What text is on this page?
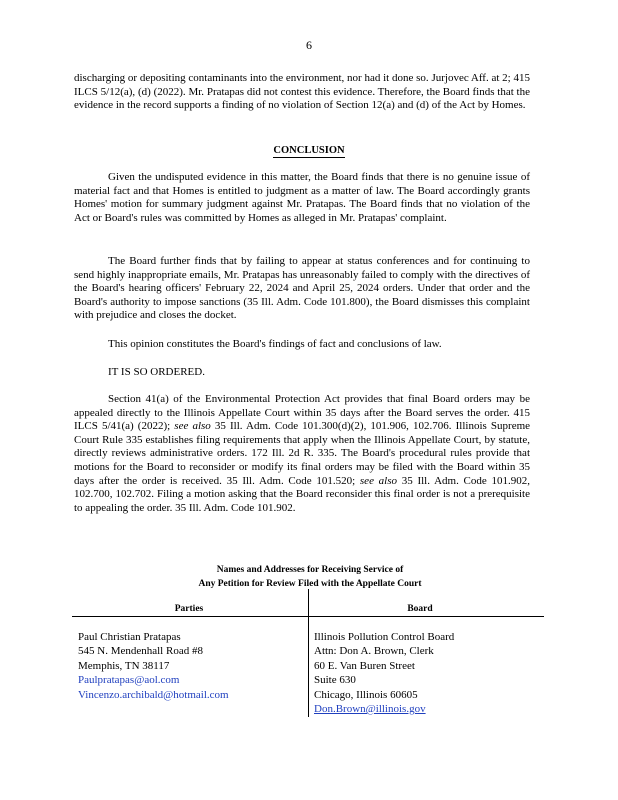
6

discharging or depositing contaminants into the environment, nor had it done so. Jurjovec Aff. at 2; 415 ILCS 5/12(a), (d) (2022). Mr. Pratapas did not contest this evidence. Therefore, the Board finds that the evidence in the record supports a finding of no violation of Section 12(a) and (d) of the Act by Homes.

CONCLUSION

Given the undisputed evidence in this matter, the Board finds that there is no genuine issue of material fact and that Homes is entitled to judgment as a matter of law. The Board accordingly grants Homes' motion for summary judgment against Mr. Pratapas. The Board finds that no violation of the Act or Board's rules was committed by Homes as alleged in Mr. Pratapas' complaint.

The Board further finds that by failing to appear at status conferences and for continuing to send highly inappropriate emails, Mr. Pratapas has unreasonably failed to comply with the directives of the Board's hearing officers' February 22, 2024 and April 25, 2024 orders. Under that order and the Board's authority to impose sanctions (35 Ill. Adm. Code 101.800), the Board dismisses this complaint with prejudice and closes the docket.

This opinion constitutes the Board's findings of fact and conclusions of law.

IT IS SO ORDERED.

Section 41(a) of the Environmental Protection Act provides that final Board orders may be appealed directly to the Illinois Appellate Court within 35 days after the Board serves the order. 415 ILCS 5/41(a) (2022); see also 35 Ill. Adm. Code 101.300(d)(2), 101.906, 102.706. Illinois Supreme Court Rule 335 establishes filing requirements that apply when the Illinois Appellate Court, by statute, directly reviews administrative orders. 172 Ill. 2d R. 335. The Board's procedural rules provide that motions for the Board to reconsider or modify its final orders may be filed with the Board within 35 days after the order is received. 35 Ill. Adm. Code 101.520; see also 35 Ill. Adm. Code 101.902, 102.700, 102.702. Filing a motion asking that the Board reconsider this final order is not a prerequisite to appealing the order. 35 Ill. Adm. Code 101.902.

Names and Addresses for Receiving Service of
Any Petition for Review Filed with the Appellate Court
Parties	Board
Paul Christian Pratapas
545 N. Mendenhall Road #8
Memphis, TN 38117
Paulpratapas@aol.com
Vincenzo.archibald@hotmail.com
Illinois Pollution Control Board
Attn: Don A. Brown, Clerk
60 E. Van Buren Street
Suite 630
Chicago, Illinois 60605
Don.Brown@illinois.gov
